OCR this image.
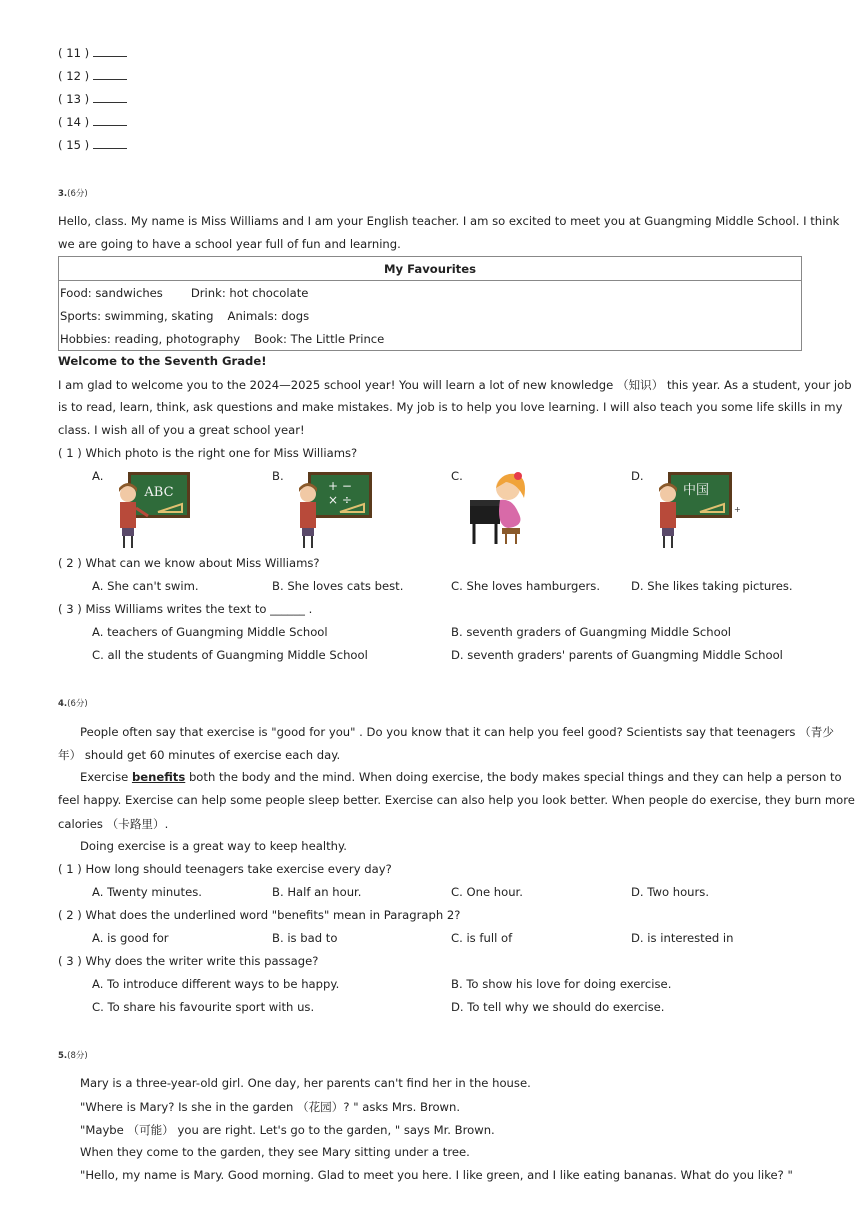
( 11 )
( 12 )
( 13 )
( 14 )
( 15 )
3.(6分)
Hello, class. My name is Miss Williams and I am your English teacher. I am so excited to meet you at Guangming Middle School. I think
we are going to have a school year full of fun and learning.
My Favourites
Food: sandwiches Drink: hot chocolate
Sports: swimming, skating Animals: dogs
Hobbies: reading, photography Book: The Little Prince
Welcome to the Seventh Grade!
I am glad to welcome you to the 2024—2025 school year! You will learn a lot of new knowledge （知识） this year. As a student, your job
is to read, learn, think, ask questions and make mistakes. My job is to help you love learning. I will also teach you some life skills in my
class. I wish all of you a great school year!
( 1 ) Which photo is the right one for Miss Williams?
A.	B.	C.	D.
ABC	+ −
× ÷
中国
+
( 2 ) What can we know about Miss Williams?
A. She can't swim.	B. She loves cats best.	C. She loves hamburgers.	D. She likes taking pictures.
( 3 ) Miss Williams writes the text to ______ .
A. teachers of Guangming Middle School	B. seventh graders of Guangming Middle School
C. all the students of Guangming Middle School	D. seventh graders' parents of Guangming Middle School
4.(6分)
People often say that exercise is "good for you" . Do you know that it can help you feel good? Scientists say that teenagers （青少
年） should get 60 minutes of exercise each day.
Exercise benefits both the body and the mind. When doing exercise, the body makes special things and they can help a person to
feel happy. Exercise can help some people sleep better. Exercise can also help you look better. When people do exercise, they burn more
calories （卡路里）.
Doing exercise is a great way to keep healthy.
( 1 ) How long should teenagers take exercise every day?
A. Twenty minutes.	B. Half an hour.	C. One hour.	D. Two hours.
( 2 ) What does the underlined word "benefits" mean in Paragraph 2?
A. is good for	B. is bad to	C. is full of	D. is interested in
( 3 ) Why does the writer write this passage?
A. To introduce different ways to be happy.	B. To show his love for doing exercise.
C. To share his favourite sport with us.	D. To tell why we should do exercise.
5.(8分)
Mary is a three-year-old girl. One day, her parents can't find her in the house.
"Where is Mary? Is she in the garden （花园）? " asks Mrs. Brown.
"Maybe （可能） you are right. Let's go to the garden, " says Mr. Brown.
When they come to the garden, they see Mary sitting under a tree.
"Hello, my name is Mary. Good morning. Glad to meet you here. I like green, and I like eating bananas. What do you like? "
